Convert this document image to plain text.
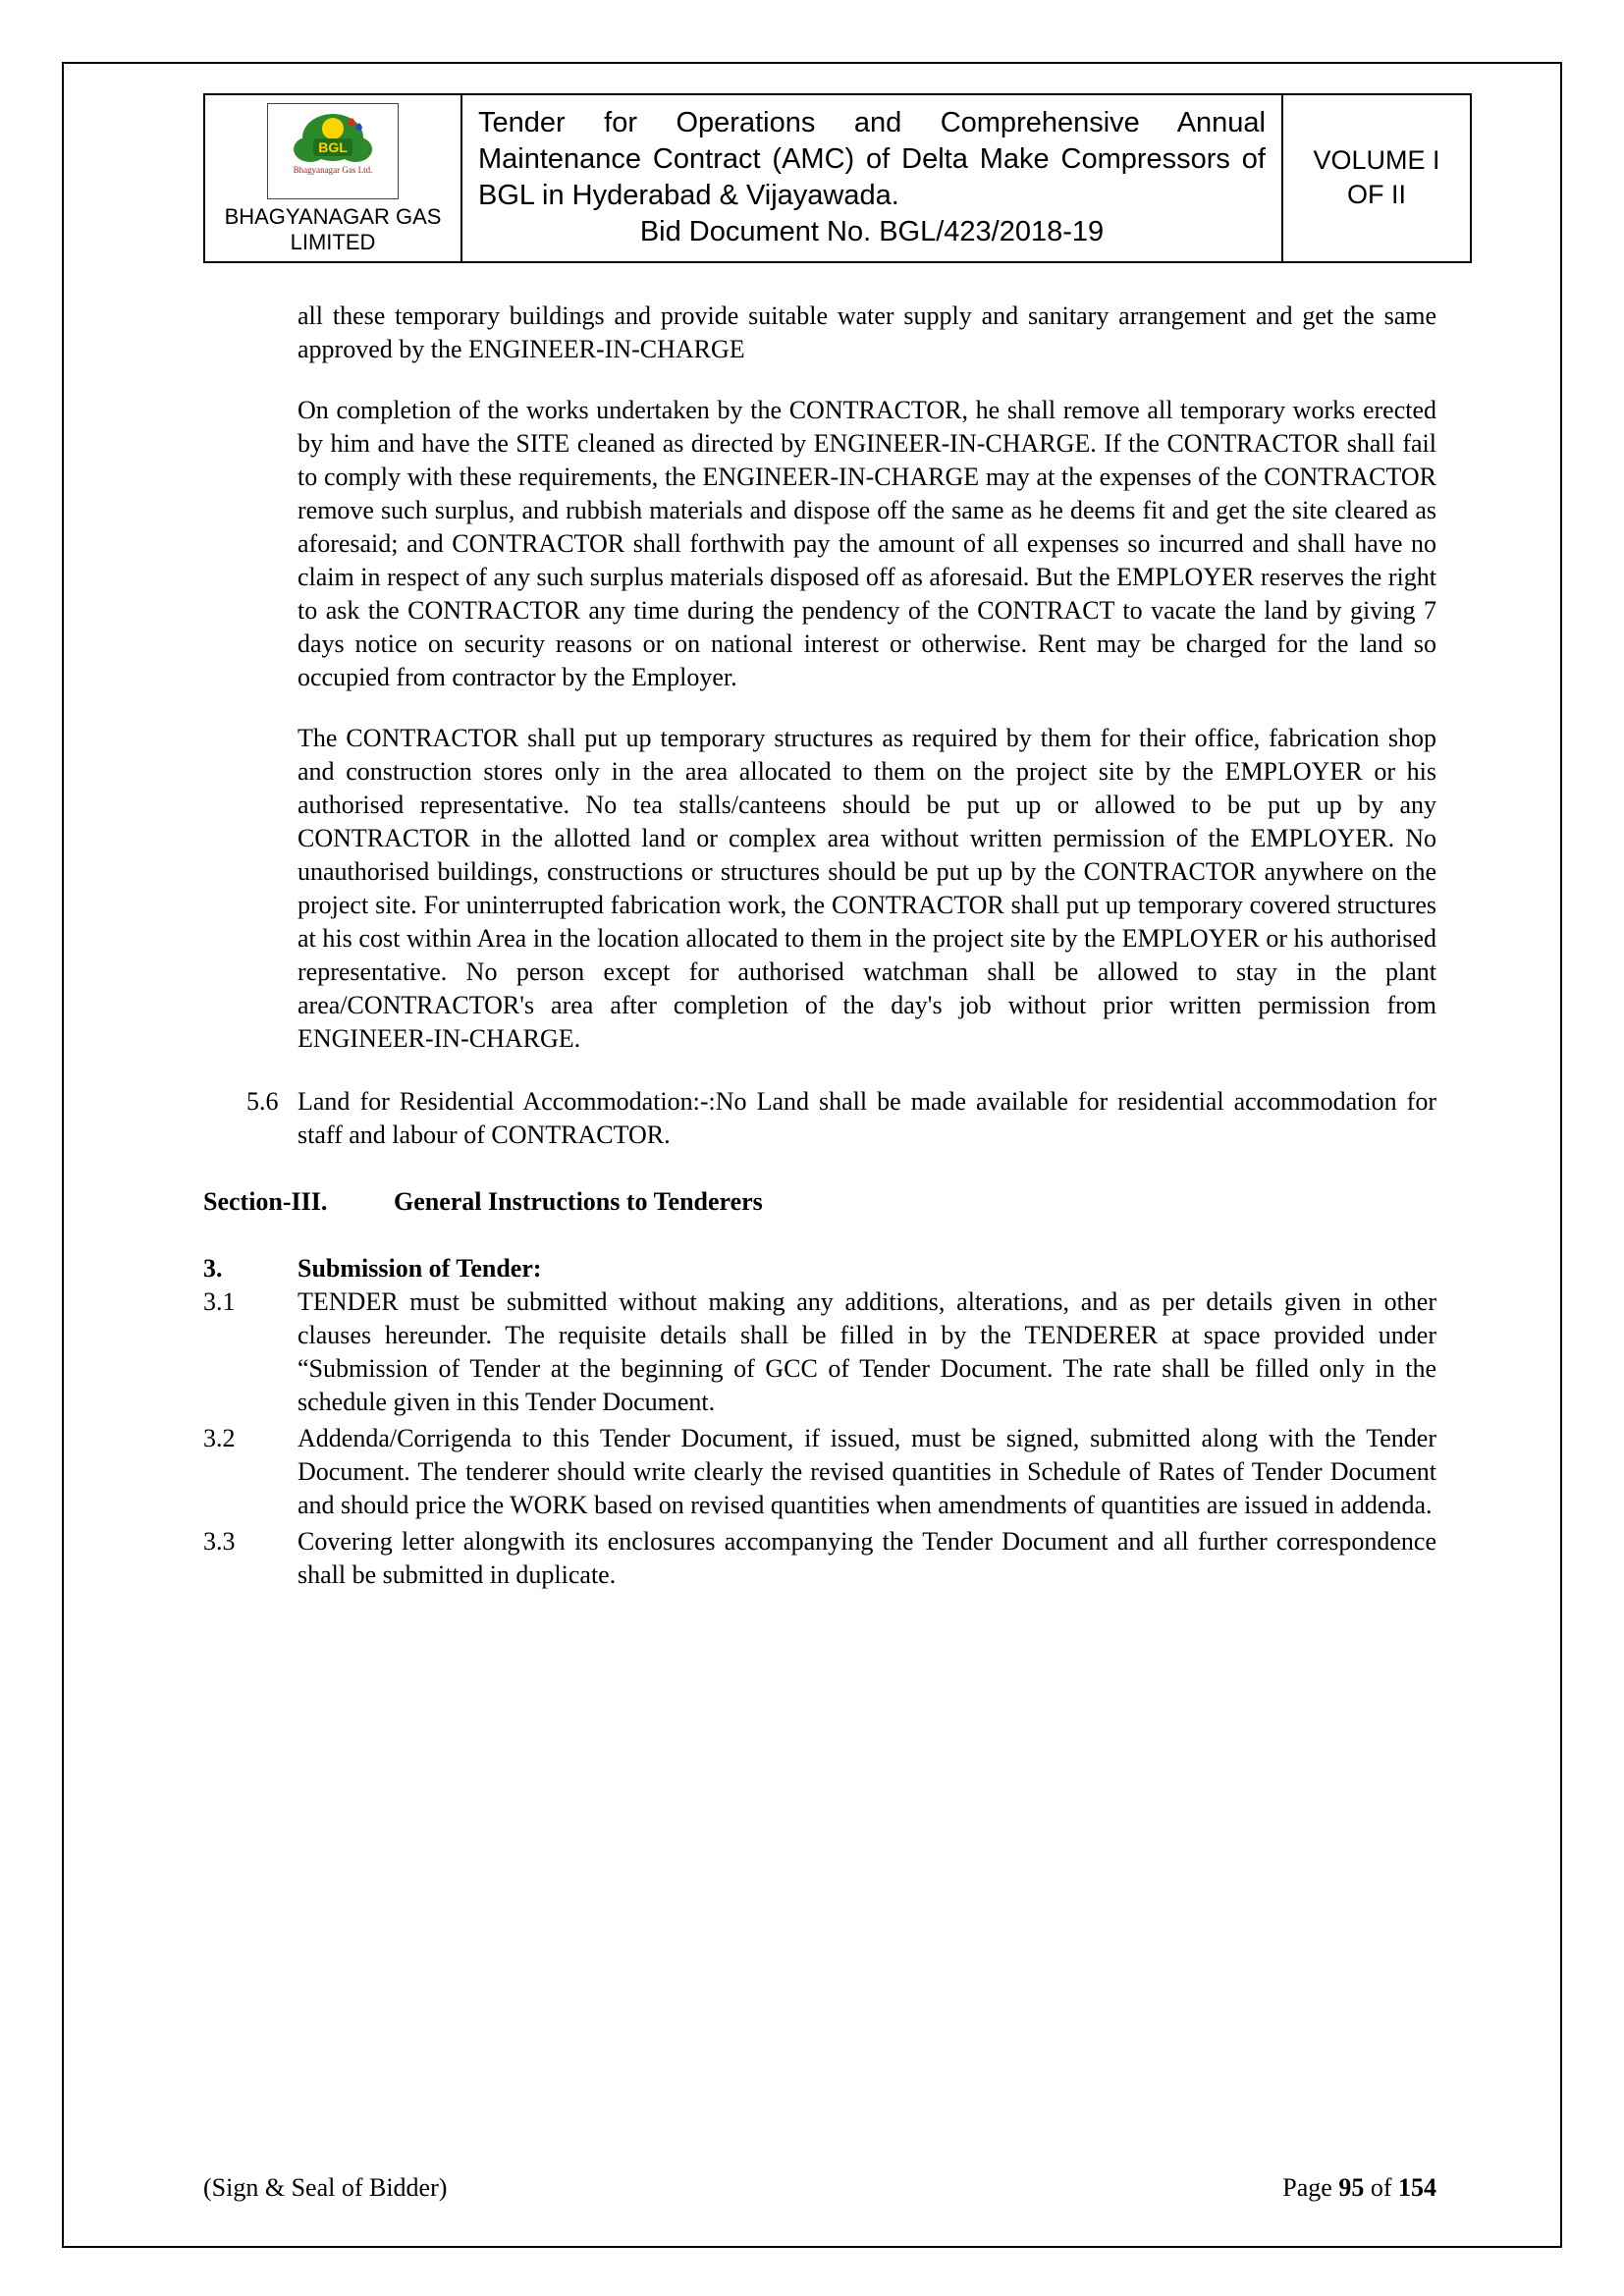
BGL
Bhagyanagar Gas Ltd.
BHAGYANAGAR GAS
LIMITED

Tender for Operations and Comprehensive Annual Maintenance Contract (AMC) of Delta Make Compressors of BGL in Hyderabad & Vijayawada.
Bid Document No. BGL/423/2018-19

VOLUME I
OF II

all these temporary buildings and provide suitable water supply and sanitary arrangement and get the same approved by the ENGINEER-IN-CHARGE

On completion of the works undertaken by the CONTRACTOR, he shall remove all temporary works erected by him and have the SITE cleaned as directed by ENGINEER-IN-CHARGE. If the CONTRACTOR shall fail to comply with these requirements, the ENGINEER-IN-CHARGE may at the expenses of the CONTRACTOR remove such surplus, and rubbish materials and dispose off the same as he deems fit and get the site cleared as aforesaid; and CONTRACTOR shall forthwith pay the amount of all expenses so incurred and shall have no claim in respect of any such surplus materials disposed off as aforesaid. But the EMPLOYER reserves the right to ask the CONTRACTOR any time during the pendency of the CONTRACT to vacate the land by giving 7 days notice on security reasons or on national interest or otherwise. Rent may be charged for the land so occupied from contractor by the Employer.

The CONTRACTOR shall put up temporary structures as required by them for their office, fabrication shop and construction stores only in the area allocated to them on the project site by the EMPLOYER or his authorised representative. No tea stalls/canteens should be put up or allowed to be put up by any CONTRACTOR in the allotted land or complex area without written permission of the EMPLOYER. No unauthorised buildings, constructions or structures should be put up by the CONTRACTOR anywhere on the project site. For uninterrupted fabrication work, the CONTRACTOR shall put up temporary covered structures at his cost within Area in the location allocated to them in the project site by the EMPLOYER or his authorised representative. No person except for authorised watchman shall be allowed to stay in the plant area/CONTRACTOR's area after completion of the day's job without prior written permission from ENGINEER-IN-CHARGE.

5.6 Land for Residential Accommodation:-:No Land shall be made available for residential accommodation for staff and labour of CONTRACTOR.
Section-III.	General Instructions to Tenderers
3.	Submission of Tender:
3.1	TENDER must be submitted without making any additions, alterations, and as per details given in other clauses hereunder. The requisite details shall be filled in by the TENDERER at space provided under “Submission of Tender at the beginning of GCC of Tender Document. The rate shall be filled only in the schedule given in this Tender Document.
3.2	Addenda/Corrigenda to this Tender Document, if issued, must be signed, submitted along with the Tender Document. The tenderer should write clearly the revised quantities in Schedule of Rates of Tender Document and should price the WORK based on revised quantities when amendments of quantities are issued in addenda.
3.3	Covering letter alongwith its enclosures accompanying the Tender Document and all further correspondence shall be submitted in duplicate.
(Sign & Seal of Bidder)	Page 95 of 154
